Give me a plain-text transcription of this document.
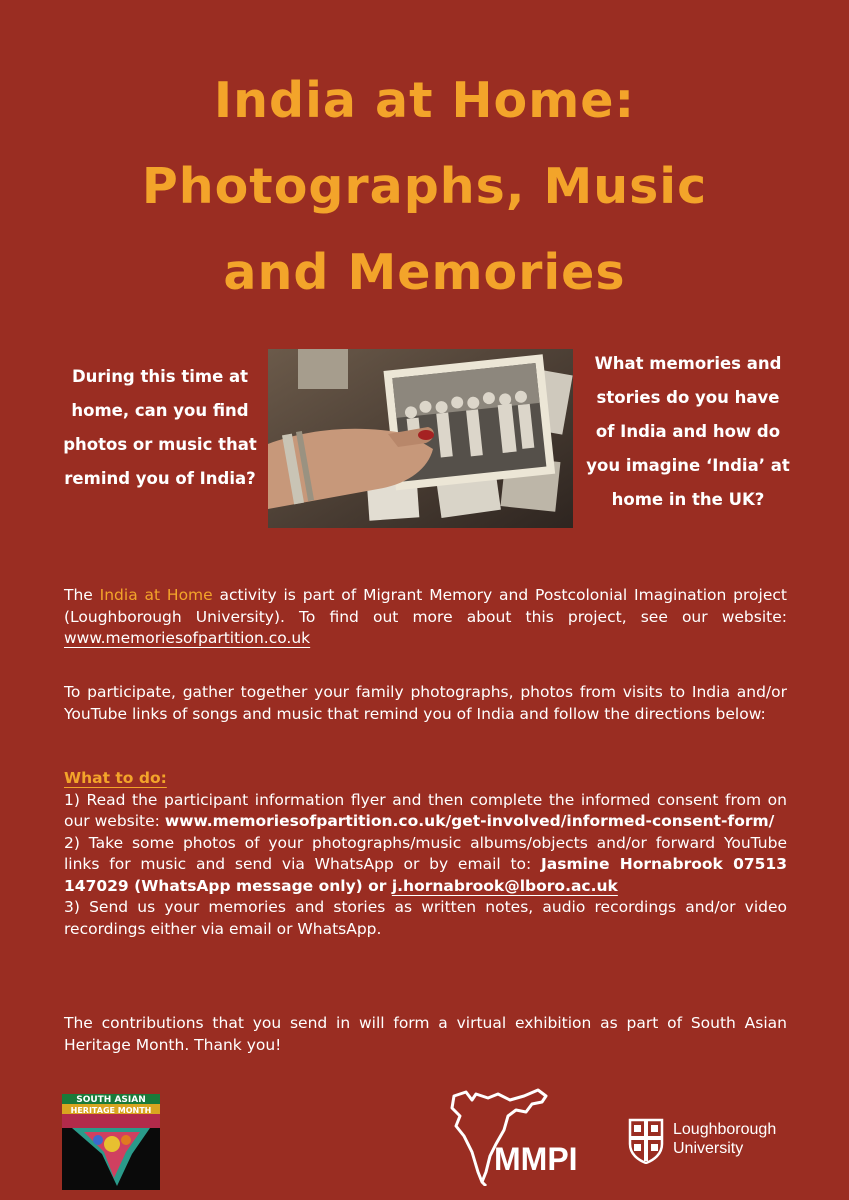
India at Home:
Photographs, Music
and Memories
During this time at
home, can you find
photos or music that
remind you of India?
What memories and
stories do you have
of India and how do
you imagine ‘India’ at
home in the UK?
The India at Home activity is part of Migrant Memory and Postcolonial Imagination project (Loughborough University). To find out more about this project, see our website: www.memoriesofpartition.co.uk
To participate, gather together your family photographs, photos from visits to India and/or YouTube links of songs and music that remind you of India and follow the directions below:
What to do:
1) Read the participant information flyer and then complete the informed consent from on our website: www.memoriesofpartition.co.uk/get-involved/informed-consent-form/
2) Take some photos of your photographs/music albums/objects and/or forward YouTube links for music and send via WhatsApp or by email to: Jasmine Hornabrook 07513 147029 (WhatsApp message only) or j.hornabrook@lboro.ac.uk
3) Send us your memories and stories as written notes, audio recordings and/or video recordings either via email or WhatsApp.
The contributions that you send in will form a virtual exhibition as part of South Asian Heritage Month. Thank you!
SOUTH ASIAN
HERITAGE MONTH
MMPI
Loughborough
University
